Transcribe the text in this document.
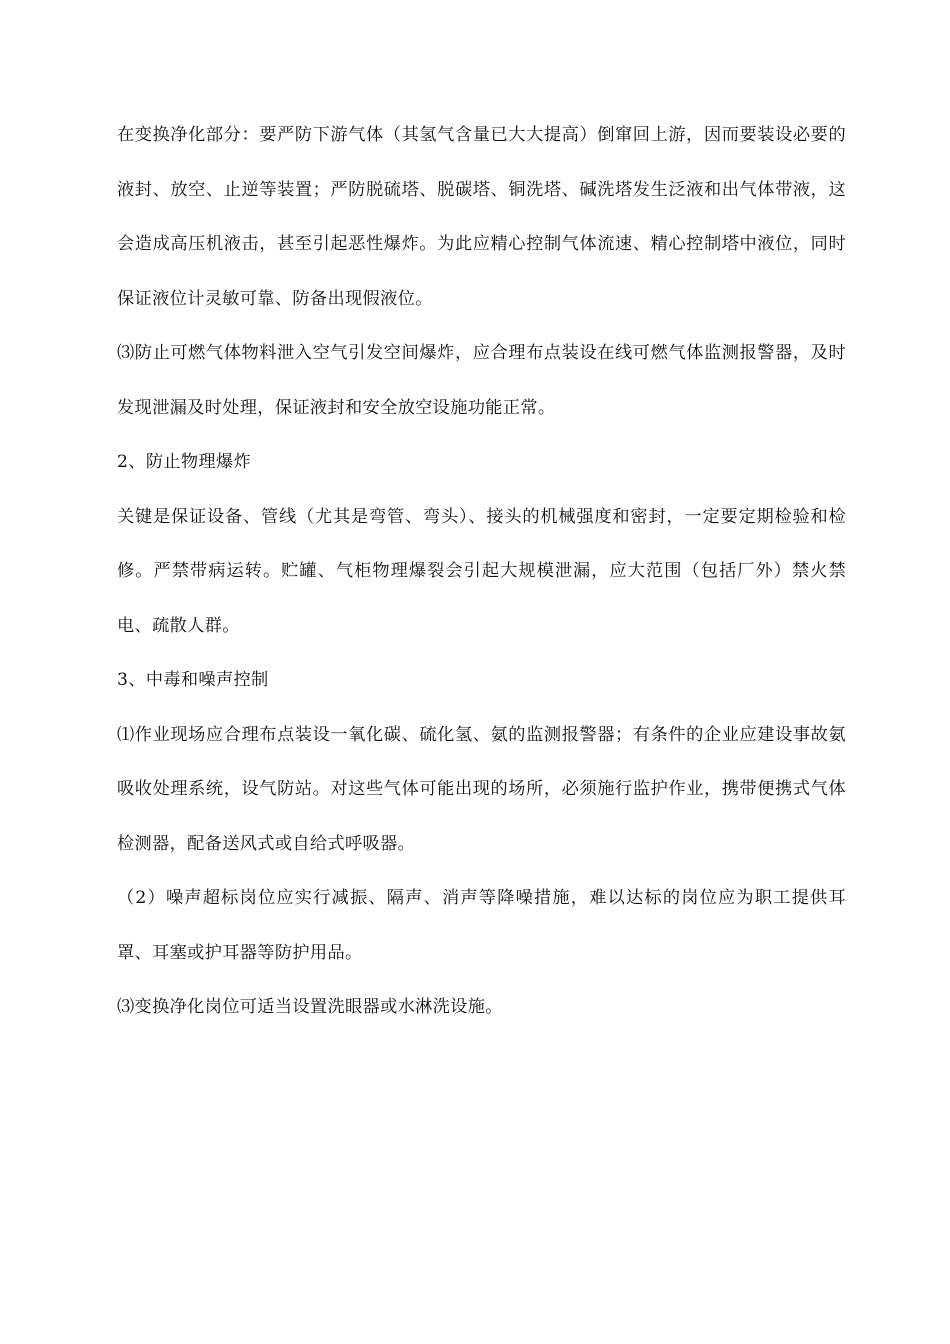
在变换净化部分：要严防下游气体（其氢气含量已大大提高）倒窜回上游，因而要装设必要的液封、放空、止逆等装置；严防脱硫塔、脱碳塔、铜洗塔、碱洗塔发生泛液和出气体带液，这会造成高压机液击，甚至引起恶性爆炸。为此应精心控制气体流速、精心控制塔中液位，同时保证液位计灵敏可靠、防备出现假液位。

⑶防止可燃气体物料泄入空气引发空间爆炸，应合理布点装设在线可燃气体监测报警器，及时发现泄漏及时处理，保证液封和安全放空设施功能正常。

2、防止物理爆炸

关键是保证设备、管线（尤其是弯管、弯头）、接头的机械强度和密封，一定要定期检验和检修。严禁带病运转。贮罐、气柜物理爆裂会引起大规模泄漏，应大范围（包括厂外）禁火禁电、疏散人群。

3、中毒和噪声控制

⑴作业现场应合理布点装设一氧化碳、硫化氢、氨的监测报警器；有条件的企业应建设事故氨吸收处理系统，设气防站。对这些气体可能出现的场所，必须施行监护作业，携带便携式气体检测器，配备送风式或自给式呼吸器。

（2）噪声超标岗位应实行减振、隔声、消声等降噪措施，难以达标的岗位应为职工提供耳罩、耳塞或护耳器等防护用品。

⑶变换净化岗位可适当设置洗眼器或水淋洗设施。
